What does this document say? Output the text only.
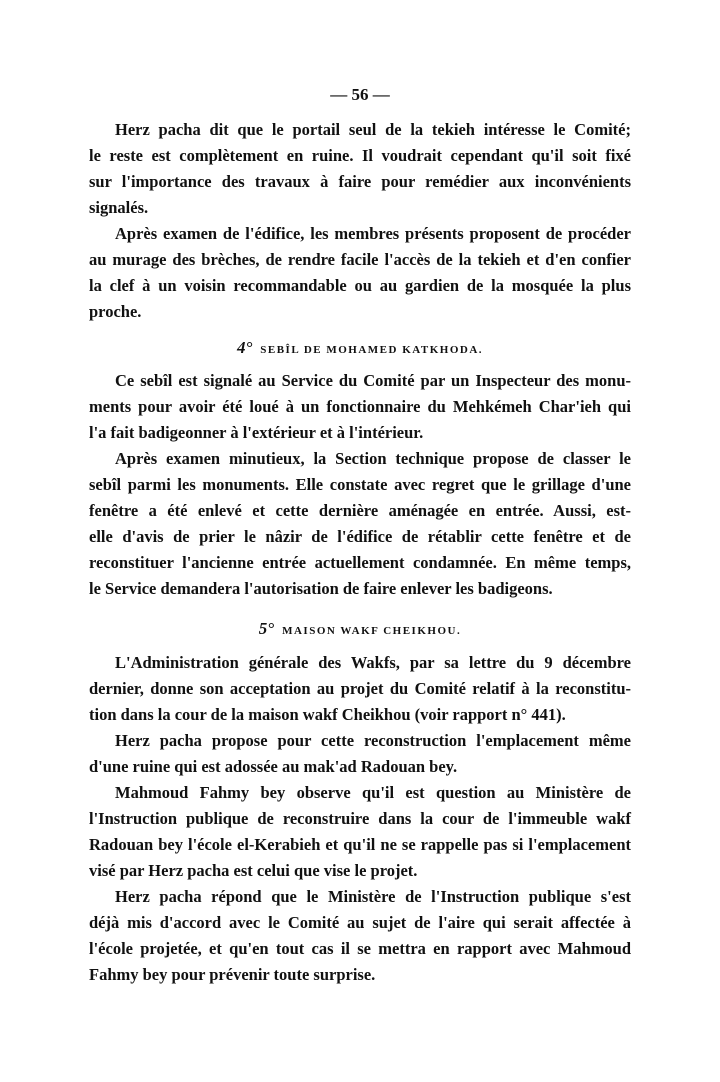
— 56 —
Herz pacha dit que le portail seul de la tekieh intéresse le Comité;
le reste est complètement en ruine. Il voudrait cependant qu'il soit fixé
sur l'importance des travaux à faire pour remédier aux inconvénients
signalés.
Après examen de l'édifice, les membres présents proposent de procéder
au murage des brèches, de rendre facile l'accès de la tekieh et d'en confier
la clef à un voisin recommandable ou au gardien de la mosquée la plus
proche.
4° SEBÎL DE MOHAMED KATKHODA.
Ce sebîl est signalé au Service du Comité par un Inspecteur des monu-
ments pour avoir été loué à un fonctionnaire du Mehkémeh Char'ieh qui
l'a fait badigeonner à l'extérieur et à l'intérieur.
Après examen minutieux, la Section technique propose de classer le
sebîl parmi les monuments. Elle constate avec regret que le grillage d'une
fenêtre a été enlevé et cette dernière aménagée en entrée. Aussi, est-
elle d'avis de prier le nâzir de l'édifice de rétablir cette fenêtre et de
reconstituer l'ancienne entrée actuellement condamnée. En même temps,
le Service demandera l'autorisation de faire enlever les badigeons.
5° MAISON WAKF CHEIKHOU.
L'Administration générale des Wakfs, par sa lettre du 9 décembre
dernier, donne son acceptation au projet du Comité relatif à la reconstitu-
tion dans la cour de la maison wakf Cheikhou (voir rapport n° 441).
Herz pacha propose pour cette reconstruction l'emplacement même
d'une ruine qui est adossée au mak'ad Radouan bey.
Mahmoud Fahmy bey observe qu'il est question au Ministère de
l'Instruction publique de reconstruire dans la cour de l'immeuble wakf
Radouan bey l'école el-Kerabieh et qu'il ne se rappelle pas si l'emplacement
visé par Herz pacha est celui que vise le projet.
Herz pacha répond que le Ministère de l'Instruction publique s'est
déjà mis d'accord avec le Comité au sujet de l'aire qui serait affectée à
l'école projetée, et qu'en tout cas il se mettra en rapport avec Mahmoud
Fahmy bey pour prévenir toute surprise.
